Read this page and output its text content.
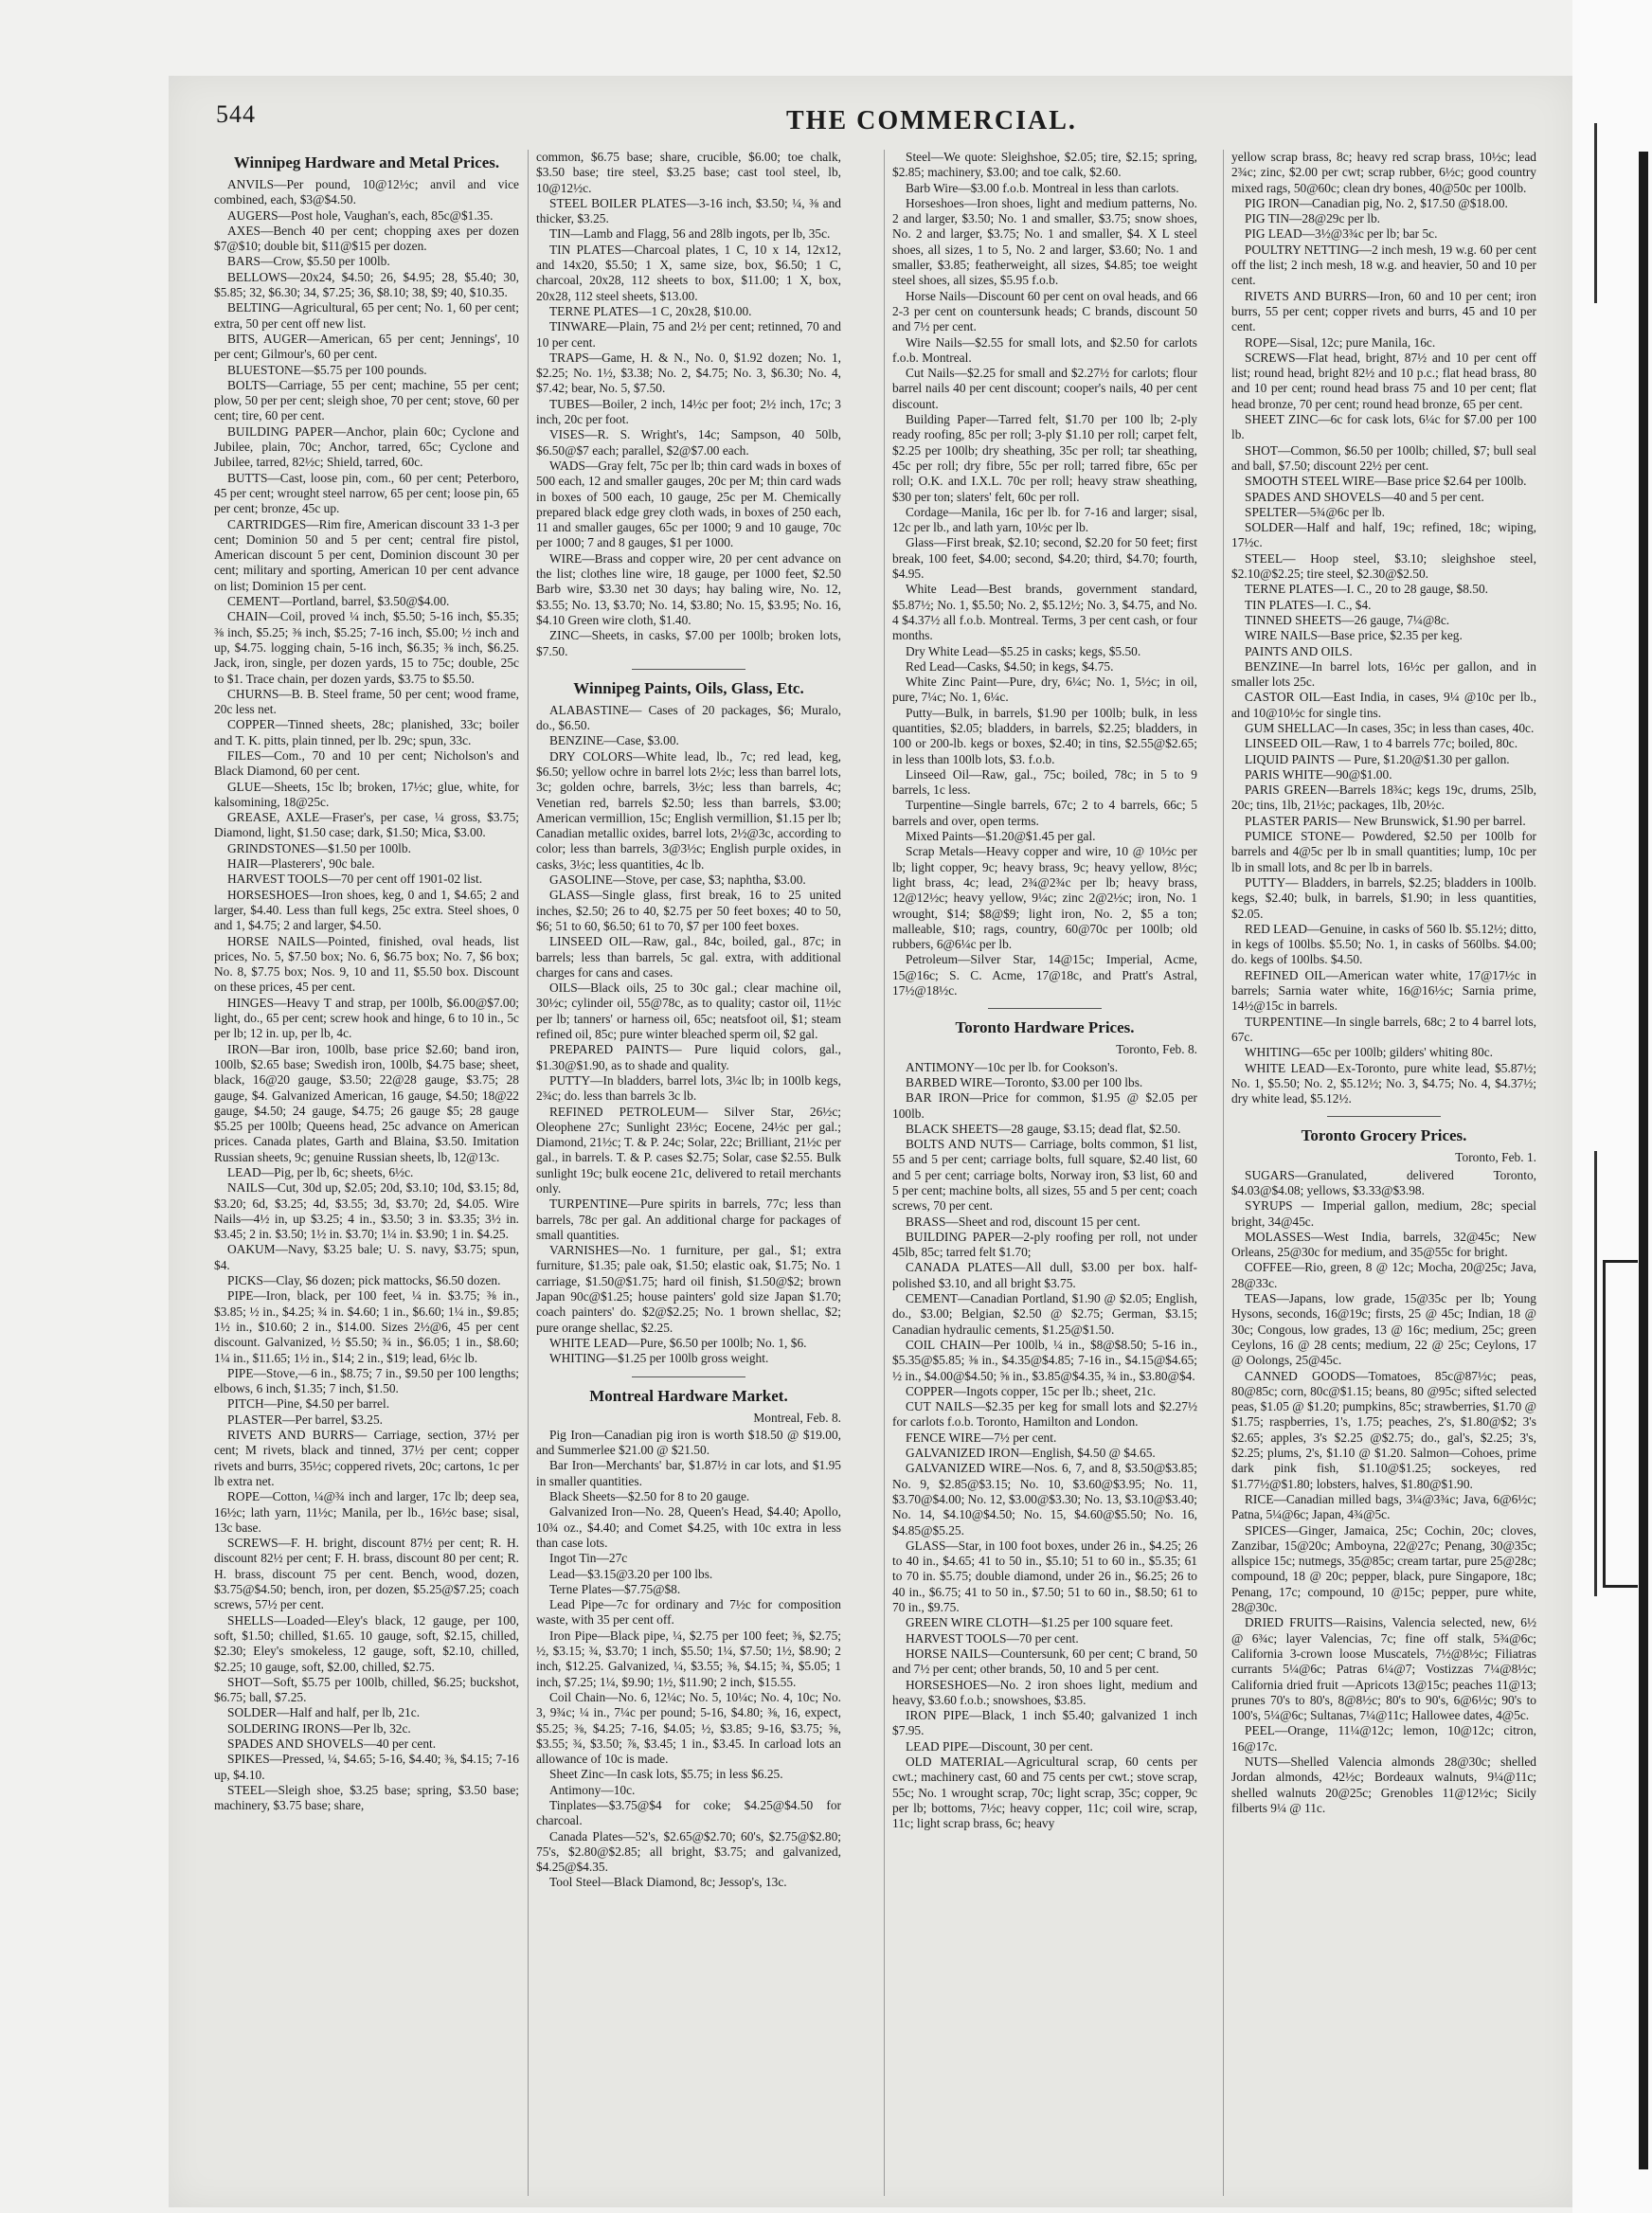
544	THE COMMERCIAL.
Winnipeg Hardware and Metal Prices.

ANVILS—Per pound, 10@12½c; anvil and vice combined, each, $3@$4.50.

AUGERS—Post hole, Vaughan's, each, 85c@$1.35.

AXES—Bench 40 per cent; chopping axes per dozen $7@$10; double bit, $11@$15 per dozen.

BARS—Crow, $5.50 per 100lb.

BELLOWS—20x24, $4.50; 26, $4.95; 28, $5.40; 30, $5.85; 32, $6.30; 34, $7.25; 36, $8.10; 38, $9; 40, $10.35.

BELTING—Agricultural, 65 per cent; No. 1, 60 per cent; extra, 50 per cent off new list.

BITS, AUGER—American, 65 per cent; Jennings', 10 per cent; Gilmour's, 60 per cent.

BLUESTONE—$5.75 per 100 pounds.

BOLTS—Carriage, 55 per cent; machine, 55 per cent; plow, 50 per per cent; sleigh shoe, 70 per cent; stove, 60 per cent; tire, 60 per cent.

BUILDING PAPER—Anchor, plain 60c; Cyclone and Jubilee, plain, 70c; Anchor, tarred, 65c; Cyclone and Jubilee, tarred, 82½c; Shield, tarred, 60c.

BUTTS—Cast, loose pin, com., 60 per cent; Peterboro, 45 per cent; wrought steel narrow, 65 per cent; loose pin, 65 per cent; bronze, 45c up.

CARTRIDGES—Rim fire, American discount 33 1-3 per cent; Dominion 50 and 5 per cent; central fire pistol, American discount 5 per cent, Dominion discount 30 per cent; military and sporting, American 10 per cent advance on list; Dominion 15 per cent.

CEMENT—Portland, barrel, $3.50@$4.00.

CHAIN—Coil, proved ¼ inch, $5.50; 5-16 inch, $5.35; ⅜ inch, $5.25; ⅜ inch, $5.25; 7-16 inch, $5.00; ½ inch and up, $4.75. logging chain, 5-16 inch, $6.35; ⅜ inch, $6.25. Jack, iron, single, per dozen yards, 15 to 75c; double, 25c to $1. Trace chain, per dozen yards, $3.75 to $5.50.

CHURNS—B. B. Steel frame, 50 per cent; wood frame, 20c less net.

COPPER—Tinned sheets, 28c; planished, 33c; boiler and T. K. pitts, plain tinned, per lb. 29c; spun, 33c.

FILES—Com., 70 and 10 per cent; Nicholson's and Black Diamond, 60 per cent.

GLUE—Sheets, 15c lb; broken, 17½c; glue, white, for kalsomining, 18@25c.

GREASE, AXLE—Fraser's, per case, ¼ gross, $3.75; Diamond, light, $1.50 case; dark, $1.50; Mica, $3.00.

GRINDSTONES—$1.50 per 100lb.

HAIR—Plasterers', 90c bale.

HARVEST TOOLS—70 per cent off 1901-02 list.

HORSESHOES—Iron shoes, keg, 0 and 1, $4.65; 2 and larger, $4.40. Less than full kegs, 25c extra. Steel shoes, 0 and 1, $4.75; 2 and larger, $4.50.

HORSE NAILS—Pointed, finished, oval heads, list prices, No. 5, $7.50 box; No. 6, $6.75 box; No. 7, $6 box; No. 8, $7.75 box; Nos. 9, 10 and 11, $5.50 box. Discount on these prices, 45 per cent.

HINGES—Heavy T and strap, per 100lb, $6.00@$7.00; light, do., 65 per cent; screw hook and hinge, 6 to 10 in., 5c per lb; 12 in. up, per lb, 4c.

IRON—Bar iron, 100lb, base price $2.60; band iron, 100lb, $2.65 base; Swedish iron, 100lb, $4.75 base; sheet, black, 16@20 gauge, $3.50; 22@28 gauge, $3.75; 28 gauge, $4. Galvanized American, 16 gauge, $4.50; 18@22 gauge, $4.50; 24 gauge, $4.75; 26 gauge $5; 28 gauge $5.25 per 100lb; Queens head, 25c advance on American prices. Canada plates, Garth and Blaina, $3.50. Imitation Russian sheets, 9c; genuine Russian sheets, lb, 12@13c.

LEAD—Pig, per lb, 6c; sheets, 6½c.

NAILS—Cut, 30d up, $2.05; 20d, $3.10; 10d, $3.15; 8d, $3.20; 6d, $3.25; 4d, $3.55; 3d, $3.70; 2d, $4.05. Wire Nails—4½ in, up $3.25; 4 in., $3.50; 3 in. $3.35; 3½ in. $3.45; 2 in. $3.50; 1½ in. $3.70; 1¼ in. $3.90; 1 in. $4.25.

OAKUM—Navy, $3.25 bale; U. S. navy, $3.75; spun, $4.

PICKS—Clay, $6 dozen; pick mattocks, $6.50 dozen.

PIPE—Iron, black, per 100 feet, ¼ in. $3.75; ⅜ in., $3.85; ½ in., $4.25; ¾ in. $4.60; 1 in., $6.60; 1¼ in., $9.85; 1½ in., $10.60; 2 in., $14.00. Sizes 2½@6, 45 per cent discount. Galvanized, ½ $5.50; ¾ in., $6.05; 1 in., $8.60; 1¼ in., $11.65; 1½ in., $14; 2 in., $19; lead, 6½c lb.

PIPE—Stove,—6 in., $8.75; 7 in., $9.50 per 100 lengths; elbows, 6 inch, $1.35; 7 inch, $1.50.

PITCH—Pine, $4.50 per barrel.

PLASTER—Per barrel, $3.25.

RIVETS AND BURRS— Carriage, section, 37½ per cent; M rivets, black and tinned, 37½ per cent; copper rivets and burrs, 35½c; coppered rivets, 20c; cartons, 1c per lb extra net.

ROPE—Cotton, ¼@¾ inch and larger, 17c lb; deep sea, 16½c; lath yarn, 11½c; Manila, per lb., 16½c base; sisal, 13c base.

SCREWS—F. H. bright, discount 87½ per cent; R. H. discount 82½ per cent; F. H. brass, discount 80 per cent; R. H. brass, discount 75 per cent. Bench, wood, dozen, $3.75@$4.50; bench, iron, per dozen, $5.25@$7.25; coach screws, 57½ per cent.

SHELLS—Loaded—Eley's black, 12 gauge, per 100, soft, $1.50; chilled, $1.65. 10 gauge, soft, $2.15, chilled, $2.30; Eley's smokeless, 12 gauge, soft, $2.10, chilled, $2.25; 10 gauge, soft, $2.00, chilled, $2.75.

SHOT—Soft, $5.75 per 100lb, chilled, $6.25; buckshot, $6.75; ball, $7.25.

SOLDER—Half and half, per lb, 21c.

SOLDERING IRONS—Per lb, 32c.

SPADES AND SHOVELS—40 per cent.

SPIKES—Pressed, ¼, $4.65; 5-16, $4.40; ⅜, $4.15; 7-16 up, $4.10.

STEEL—Sleigh shoe, $3.25 base; spring, $3.50 base; machinery, $3.75 base; share,

common, $6.75 base; share, crucible, $6.00; toe chalk, $3.50 base; tire steel, $3.25 base; cast tool steel, lb, 10@12½c.

STEEL BOILER PLATES—3-16 inch, $3.50; ¼, ⅜ and thicker, $3.25.

TIN—Lamb and Flagg, 56 and 28lb ingots, per lb, 35c.

TIN PLATES—Charcoal plates, 1 C, 10 x 14, 12x12, and 14x20, $5.50; 1 X, same size, box, $6.50; 1 C, charcoal, 20x28, 112 sheets to box, $11.00; 1 X, box, 20x28, 112 steel sheets, $13.00.

TERNE PLATES—1 C, 20x28, $10.00.

TINWARE—Plain, 75 and 2½ per cent; retinned, 70 and 10 per cent.

TRAPS—Game, H. & N., No. 0, $1.92 dozen; No. 1, $2.25; No. 1½, $3.38; No. 2, $4.75; No. 3, $6.30; No. 4, $7.42; bear, No. 5, $7.50.

TUBES—Boiler, 2 inch, 14½c per foot; 2½ inch, 17c; 3 inch, 20c per foot.

VISES—R. S. Wright's, 14c; Sampson, 40 50lb, $6.50@$7 each; parallel, $2@$7.00 each.

WADS—Gray felt, 75c per lb; thin card wads in boxes of 500 each, 12 and smaller gauges, 20c per M; thin card wads in boxes of 500 each, 10 gauge, 25c per M. Chemically prepared black edge grey cloth wads, in boxes of 250 each, 11 and smaller gauges, 65c per 1000; 9 and 10 gauge, 70c per 1000; 7 and 8 gauges, $1 per 1000.

WIRE—Brass and copper wire, 20 per cent advance on the list; clothes line wire, 18 gauge, per 1000 feet, $2.50 Barb wire, $3.30 net 30 days; hay baling wire, No. 12, $3.55; No. 13, $3.70; No. 14, $3.80; No. 15, $3.95; No. 16, $4.10 Green wire cloth, $1.40.

ZINC—Sheets, in casks, $7.00 per 100lb; broken lots, $7.50.

Winnipeg Paints, Oils, Glass, Etc.

ALABASTINE— Cases of 20 packages, $6; Muralo, do., $6.50.

BENZINE—Case, $3.00.

DRY COLORS—White lead, lb., 7c; red lead, keg, $6.50; yellow ochre in barrel lots 2½c; less than barrel lots, 3c; golden ochre, barrels, 3½c; less than barrels, 4c; Venetian red, barrels $2.50; less than barrels, $3.00; American vermillion, 15c; English vermillion, $1.15 per lb; Canadian metallic oxides, barrel lots, 2½@3c, according to color; less than barrels, 3@3½c; English purple oxides, in casks, 3½c; less quantities, 4c lb.

GASOLINE—Stove, per case, $3; naphtha, $3.00.

GLASS—Single glass, first break, 16 to 25 united inches, $2.50; 26 to 40, $2.75 per 50 feet boxes; 40 to 50, $6; 51 to 60, $6.50; 61 to 70, $7 per 100 feet boxes.

LINSEED OIL—Raw, gal., 84c, boiled, gal., 87c; in barrels; less than barrels, 5c gal. extra, with additional charges for cans and cases.

OILS—Black oils, 25 to 30c gal.; clear machine oil, 30½c; cylinder oil, 55@78c, as to quality; castor oil, 11½c per lb; tanners' or harness oil, 65c; neatsfoot oil, $1; steam refined oil, 85c; pure winter bleached sperm oil, $2 gal.

PREPARED PAINTS— Pure liquid colors, gal., $1.30@$1.90, as to shade and quality.

PUTTY—In bladders, barrel lots, 3¼c lb; in 100lb kegs, 2¾c; do. less than barrels 3c lb.

REFINED PETROLEUM— Silver Star, 26½c; Oleophene 27c; Sunlight 23½c; Eocene, 24½c per gal.; Diamond, 21½c; T. & P. 24c; Solar, 22c; Brilliant, 21½c per gal., in barrels. T. & P. cases $2.75; Solar, case $2.55. Bulk sunlight 19c; bulk eocene 21c, delivered to retail merchants only.

TURPENTINE—Pure spirits in barrels, 77c; less than barrels, 78c per gal. An additional charge for packages of small quantities.

VARNISHES—No. 1 furniture, per gal., $1; extra furniture, $1.35; pale oak, $1.50; elastic oak, $1.75; No. 1 carriage, $1.50@$1.75; hard oil finish, $1.50@$2; brown Japan 90c@$1.25; house painters' gold size Japan $1.70; coach painters' do. $2@$2.25; No. 1 brown shellac, $2; pure orange shellac, $2.25.

WHITE LEAD—Pure, $6.50 per 100lb; No. 1, $6.

WHITING—$1.25 per 100lb gross weight.

Montreal Hardware Market.
Montreal, Feb. 8.

Pig Iron—Canadian pig iron is worth $18.50 @ $19.00, and Summerlee $21.00 @ $21.50.

Bar Iron—Merchants' bar, $1.87½ in car lots, and $1.95 in smaller quantities.

Black Sheets—$2.50 for 8 to 20 gauge.

Galvanized Iron—No. 28, Queen's Head, $4.40; Apollo, 10¾ oz., $4.40; and Comet $4.25, with 10c extra in less than case lots.

Ingot Tin—27c

Lead—$3.15@3.20 per 100 lbs.

Terne Plates—$7.75@$8.

Lead Pipe—7c for ordinary and 7½c for composition waste, with 35 per cent off.

Iron Pipe—Black pipe, ¼, $2.75 per 100 feet; ⅜, $2.75; ½, $3.15; ¾, $3.70; 1 inch, $5.50; 1¼, $7.50; 1½, $8.90; 2 inch, $12.25. Galvanized, ¼, $3.55; ⅜, $4.15; ¾, $5.05; 1 inch, $7.25; 1¼, $9.90; 1½, $11.90; 2 inch, $15.55.

Coil Chain—No. 6, 12¼c; No. 5, 10¼c; No. 4, 10c; No. 3, 9¾c; ¼ in., 7¼c per pound; 5-16, $4.80; ⅜, 16, expect, $5.25; ⅜, $4.25; 7-16, $4.05; ½, $3.85; 9-16, $3.75; ⅝, $3.55; ¾, $3.50; ⅞, $3.45; 1 in., $3.45. In carload lots an allowance of 10c is made.

Sheet Zinc—In cask lots, $5.75; in less $6.25.

Antimony—10c.

Tinplates—$3.75@$4 for coke; $4.25@$4.50 for charcoal.

Canada Plates—52's, $2.65@$2.70; 60's, $2.75@$2.80; 75's, $2.80@$2.85; all bright, $3.75; and galvanized, $4.25@$4.35.

Tool Steel—Black Diamond, 8c; Jessop's, 13c.

Steel—We quote: Sleighshoe, $2.05; tire, $2.15; spring, $2.85; machinery, $3.00; and toe calk, $2.60.

Barb Wire—$3.00 f.o.b. Montreal in less than carlots.

Horseshoes—Iron shoes, light and medium patterns, No. 2 and larger, $3.50; No. 1 and smaller, $3.75; snow shoes, No. 2 and larger, $3.75; No. 1 and smaller, $4. X L steel shoes, all sizes, 1 to 5, No. 2 and larger, $3.60; No. 1 and smaller, $3.85; featherweight, all sizes, $4.85; toe weight steel shoes, all sizes, $5.95 f.o.b.

Horse Nails—Discount 60 per cent on oval heads, and 66 2-3 per cent on countersunk heads; C brands, discount 50 and 7½ per cent.

Wire Nails—$2.55 for small lots, and $2.50 for carlots f.o.b. Montreal.

Cut Nails—$2.25 for small and $2.27½ for carlots; flour barrel nails 40 per cent discount; cooper's nails, 40 per cent discount.

Building Paper—Tarred felt, $1.70 per 100 lb; 2-ply ready roofing, 85c per roll; 3-ply $1.10 per roll; carpet felt, $2.25 per 100lb; dry sheathing, 35c per roll; tar sheathing, 45c per roll; dry fibre, 55c per roll; tarred fibre, 65c per roll; O.K. and I.X.L. 70c per roll; heavy straw sheathing, $30 per ton; slaters' felt, 60c per roll.

Cordage—Manila, 16c per lb. for 7-16 and larger; sisal, 12c per lb., and lath yarn, 10½c per lb.

Glass—First break, $2.10; second, $2.20 for 50 feet; first break, 100 feet, $4.00; second, $4.20; third, $4.70; fourth, $4.95.

White Lead—Best brands, government standard, $5.87½; No. 1, $5.50; No. 2, $5.12½; No. 3, $4.75, and No. 4 $4.37½ all f.o.b. Montreal. Terms, 3 per cent cash, or four months.

Dry White Lead—$5.25 in casks; kegs, $5.50.

Red Lead—Casks, $4.50; in kegs, $4.75.

White Zinc Paint—Pure, dry, 6¼c; No. 1, 5½c; in oil, pure, 7¼c; No. 1, 6¼c.

Putty—Bulk, in barrels, $1.90 per 100lb; bulk, in less quantities, $2.05; bladders, in barrels, $2.25; bladders, in 100 or 200-lb. kegs or boxes, $2.40; in tins, $2.55@$2.65; in less than 100lb lots, $3. f.o.b.

Linseed Oil—Raw, gal., 75c; boiled, 78c; in 5 to 9 barrels, 1c less.

Turpentine—Single barrels, 67c; 2 to 4 barrels, 66c; 5 barrels and over, open terms.

Mixed Paints—$1.20@$1.45 per gal.

Scrap Metals—Heavy copper and wire, 10 @ 10½c per lb; light copper, 9c; heavy brass, 9c; heavy yellow, 8½c; light brass, 4c; lead, 2¾@2¾c per lb; heavy brass, 12@12½c; heavy yellow, 9¼c; zinc 2@2½c; iron, No. 1 wrought, $14; $8@$9; light iron, No. 2, $5 a ton; malleable, $10; rags, country, 60@70c per 100lb; old rubbers, 6@6¼c per lb.

Petroleum—Silver Star, 14@15c; Imperial, Acme, 15@16c; S. C. Acme, 17@18c, and Pratt's Astral, 17½@18½c.

Toronto Hardware Prices.
Toronto, Feb. 8.

ANTIMONY—10c per lb. for Cookson's.

BARBED WIRE—Toronto, $3.00 per 100 lbs.

BAR IRON—Price for common, $1.95 @ $2.05 per 100lb.

BLACK SHEETS—28 gauge, $3.15; dead flat, $2.50.

BOLTS AND NUTS— Carriage, bolts common, $1 list, 55 and 5 per cent; carriage bolts, full square, $2.40 list, 60 and 5 per cent; carriage bolts, Norway iron, $3 list, 60 and 5 per cent; machine bolts, all sizes, 55 and 5 per cent; coach screws, 70 per cent.

BRASS—Sheet and rod, discount 15 per cent.

BUILDING PAPER—2-ply roofing per roll, not under 45lb, 85c; tarred felt $1.70;

CANADA PLATES—All dull, $3.00 per box. half-polished $3.10, and all bright $3.75.

CEMENT—Canadian Portland, $1.90 @ $2.05; English, do., $3.00; Belgian, $2.50 @ $2.75; German, $3.15; Canadian hydraulic cements, $1.25@$1.50.

COIL CHAIN—Per 100lb, ¼ in., $8@$8.50; 5-16 in., $5.35@$5.85; ⅜ in., $4.35@$4.85; 7-16 in., $4.15@$4.65; ½ in., $4.00@$4.50; ⅝ in., $3.85@$4.35, ¾ in., $3.80@$4.

COPPER—Ingots copper, 15c per lb.; sheet, 21c.

CUT NAILS—$2.35 per keg for small lots and $2.27½ for carlots f.o.b. Toronto, Hamilton and London.

FENCE WIRE—7½ per cent.

GALVANIZED IRON—English, $4.50 @ $4.65.

GALVANIZED WIRE—Nos. 6, 7, and 8, $3.50@$3.85; No. 9, $2.85@$3.15; No. 10, $3.60@$3.95; No. 11, $3.70@$4.00; No. 12, $3.00@$3.30; No. 13, $3.10@$3.40; No. 14, $4.10@$4.50; No. 15, $4.60@$5.50; No. 16, $4.85@$5.25.

GLASS—Star, in 100 foot boxes, under 26 in., $4.25; 26 to 40 in., $4.65; 41 to 50 in., $5.10; 51 to 60 in., $5.35; 61 to 70 in. $5.75; double diamond, under 26 in., $6.25; 26 to 40 in., $6.75; 41 to 50 in., $7.50; 51 to 60 in., $8.50; 61 to 70 in., $9.75.

GREEN WIRE CLOTH—$1.25 per 100 square feet.

HARVEST TOOLS—70 per cent.

HORSE NAILS—Countersunk, 60 per cent; C brand, 50 and 7½ per cent; other brands, 50, 10 and 5 per cent.

HORSESHOES—No. 2 iron shoes light, medium and heavy, $3.60 f.o.b.; snowshoes, $3.85.

IRON PIPE—Black, 1 inch $5.40; galvanized 1 inch $7.95.

LEAD PIPE—Discount, 30 per cent.

OLD MATERIAL—Agricultural scrap, 60 cents per cwt.; machinery cast, 60 and 75 cents per cwt.; stove scrap, 55c; No. 1 wrought scrap, 70c; light scrap, 35c; copper, 9c per lb; bottoms, 7½c; heavy copper, 11c; coil wire, scrap, 11c; light scrap brass, 6c; heavy

yellow scrap brass, 8c; heavy red scrap brass, 10½c; lead 2¾c; zinc, $2.00 per cwt; scrap rubber, 6½c; good country mixed rags, 50@60c; clean dry bones, 40@50c per 100lb.

PIG IRON—Canadian pig, No. 2, $17.50 @$18.00.

PIG TIN—28@29c per lb.

PIG LEAD—3½@3¾c per lb; bar 5c.

POULTRY NETTING—2 inch mesh, 19 w.g. 60 per cent off the list; 2 inch mesh, 18 w.g. and heavier, 50 and 10 per cent.

RIVETS AND BURRS—Iron, 60 and 10 per cent; iron burrs, 55 per cent; copper rivets and burrs, 45 and 10 per cent.

ROPE—Sisal, 12c; pure Manila, 16c.

SCREWS—Flat head, bright, 87½ and 10 per cent off list; round head, bright 82½ and 10 p.c.; flat head brass, 80 and 10 per cent; round head brass 75 and 10 per cent; flat head bronze, 70 per cent; round head bronze, 65 per cent.

SHEET ZINC—6c for cask lots, 6¼c for $7.00 per 100 lb.

SHOT—Common, $6.50 per 100lb; chilled, $7; bull seal and ball, $7.50; discount 22½ per cent.

SMOOTH STEEL WIRE—Base price $2.64 per 100lb.

SPADES AND SHOVELS—40 and 5 per cent.

SPELTER—5¾@6c per lb.

SOLDER—Half and half, 19c; refined, 18c; wiping, 17½c.

STEEL— Hoop steel, $3.10; sleighshoe steel, $2.10@$2.25; tire steel, $2.30@$2.50.

TERNE PLATES—I. C., 20 to 28 gauge, $8.50.

TIN PLATES—I. C., $4.

TINNED SHEETS—26 gauge, 7¼@8c.

WIRE NAILS—Base price, $2.35 per keg.

PAINTS AND OILS.

BENZINE—In barrel lots, 16½c per gallon, and in smaller lots 25c.

CASTOR OIL—East India, in cases, 9¼ @10c per lb., and 10@10½c for single tins.

GUM SHELLAC—In cases, 35c; in less than cases, 40c.

LINSEED OIL—Raw, 1 to 4 barrels 77c; boiled, 80c.

LIQUID PAINTS — Pure, $1.20@$1.30 per gallon.

PARIS WHITE—90@$1.00.

PARIS GREEN—Barrels 18¾c; kegs 19c, drums, 25lb, 20c; tins, 1lb, 21½c; packages, 1lb, 20½c.

PLASTER PARIS— New Brunswick, $1.90 per barrel.

PUMICE STONE— Powdered, $2.50 per 100lb for barrels and 4@5c per lb in small quantities; lump, 10c per lb in small lots, and 8c per lb in barrels.

PUTTY— Bladders, in barrels, $2.25; bladders in 100lb. kegs, $2.40; bulk, in barrels, $1.90; in less quantities, $2.05.

RED LEAD—Genuine, in casks of 560 lb. $5.12½; ditto, in kegs of 100lbs. $5.50; No. 1, in casks of 560lbs. $4.00; do. kegs of 100lbs. $4.50.

REFINED OIL—American water white, 17@17½c in barrels; Sarnia water white, 16@16½c; Sarnia prime, 14½@15c in barrels.

TURPENTINE—In single barrels, 68c; 2 to 4 barrel lots, 67c.

WHITING—65c per 100lb; gilders' whiting 80c.

WHITE LEAD—Ex-Toronto, pure white lead, $5.87½; No. 1, $5.50; No. 2, $5.12½; No. 3, $4.75; No. 4, $4.37½; dry white lead, $5.12½.

Toronto Grocery Prices.
Toronto, Feb. 1.

SUGARS—Granulated, delivered Toronto, $4.03@$4.08; yellows, $3.33@$3.98.

SYRUPS — Imperial gallon, medium, 28c; special bright, 34@45c.

MOLASSES—West India, barrels, 32@45c; New Orleans, 25@30c for medium, and 35@55c for bright.

COFFEE—Rio, green, 8 @ 12c; Mocha, 20@25c; Java, 28@33c.

TEAS—Japans, low grade, 15@35c per lb; Young Hysons, seconds, 16@19c; firsts, 25 @ 45c; Indian, 18 @ 30c; Congous, low grades, 13 @ 16c; medium, 25c; green Ceylons, 16 @ 28 cents; medium, 22 @ 25c; Ceylons, 17 @ Oolongs, 25@45c.

CANNED GOODS—Tomatoes, 85c@87½c; peas, 80@85c; corn, 80c@$1.15; beans, 80 @95c; sifted selected peas, $1.05 @ $1.20; pumpkins, 85c; strawberries, $1.70 @ $1.75; raspberries, 1's, 1.75; peaches, 2's, $1.80@$2; 3's $2.65; apples, 3's $2.25 @$2.75; do., gal's, $2.25; 3's, $2.25; plums, 2's, $1.10 @ $1.20. Salmon—Cohoes, prime dark pink fish, $1.10@$1.25; sockeyes, red $1.77½@$1.80; lobsters, halves, $1.80@$1.90.

RICE—Canadian milled bags, 3¼@3¾c; Java, 6@6½c; Patna, 5¼@6c; Japan, 4¾@5c.

SPICES—Ginger, Jamaica, 25c; Cochin, 20c; cloves, Zanzibar, 15@20c; Amboyna, 22@27c; Penang, 30@35c; allspice 15c; nutmegs, 35@85c; cream tartar, pure 25@28c; compound, 18 @ 20c; pepper, black, pure Singapore, 18c; Penang, 17c; compound, 10 @15c; pepper, pure white, 28@30c.

DRIED FRUITS—Raisins, Valencia selected, new, 6½ @ 6¾c; layer Valencias, 7c; fine off stalk, 5¾@6c; California 3-crown loose Muscatels, 7½@8½c; Filiatras currants 5¼@6c; Patras 6¼@7; Vostizzas 7¼@8½c; California dried fruit —Apricots 13@15c; peaches 11@13; prunes 70's to 80's, 8@8½c; 80's to 90's, 6@6½c; 90's to 100's, 5¼@6c; Sultanas, 7¼@11c; Hallowee dates, 4@5c.

PEEL—Orange, 11¼@12c; lemon, 10@12c; citron, 16@17c.

NUTS—Shelled Valencia almonds 28@30c; shelled Jordan almonds, 42½c; Bordeaux walnuts, 9¼@11c; shelled walnuts 20@25c; Grenobles 11@12½c; Sicily filberts 9¼ @ 11c.
